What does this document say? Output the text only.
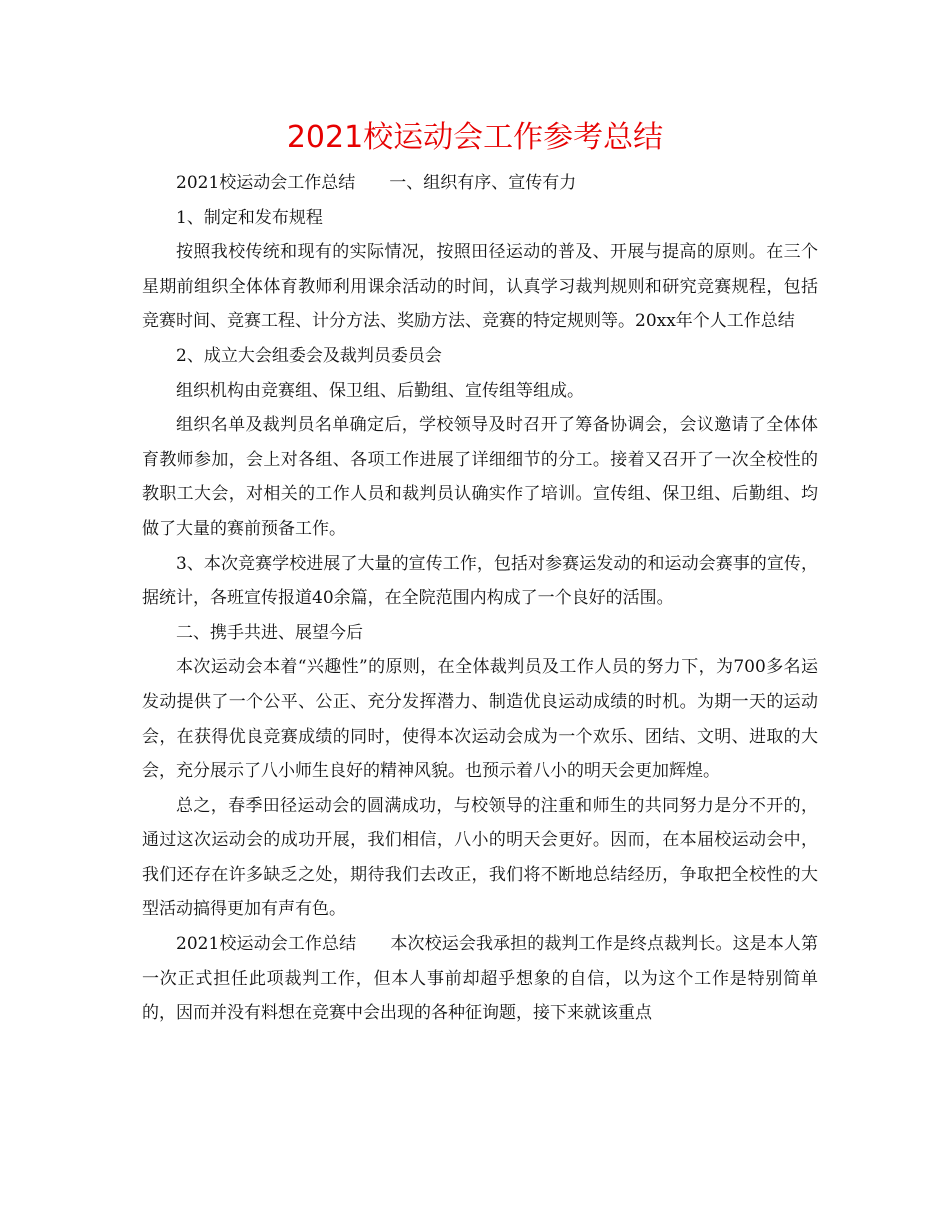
2021校运动会工作参考总结

2021校运动会工作总结　　一、组织有序、宣传有力

1、制定和发布规程

按照我校传统和现有的实际情况，按照田径运动的普及、开展与提高的原则。在三个星期前组织全体体育教师利用课余活动的时间，认真学习裁判规则和研究竞赛规程，包括竞赛时间、竞赛工程、计分方法、奖励方法、竞赛的特定规则等。20xx年个人工作总结

2、成立大会组委会及裁判员委员会

组织机构由竞赛组、保卫组、后勤组、宣传组等组成。

组织名单及裁判员名单确定后，学校领导及时召开了筹备协调会，会议邀请了全体体育教师参加，会上对各组、各项工作进展了详细细节的分工。接着又召开了一次全校性的教职工大会，对相关的工作人员和裁判员认确实作了培训。宣传组、保卫组、后勤组、均做了大量的赛前预备工作。

3、本次竞赛学校进展了大量的宣传工作，包括对参赛运发动的和运动会赛事的宣传，据统计，各班宣传报道40余篇，在全院范围内构成了一个良好的活围。

二、携手共进、展望今后

本次运动会本着“兴趣性”的原则，在全体裁判员及工作人员的努力下，为700多名运发动提供了一个公平、公正、充分发挥潜力、制造优良运动成绩的时机。为期一天的运动会，在获得优良竞赛成绩的同时，使得本次运动会成为一个欢乐、团结、文明、进取的大会，充分展示了八小师生良好的精神风貌。也预示着八小的明天会更加辉煌。

总之，春季田径运动会的圆满成功，与校领导的注重和师生的共同努力是分不开的，通过这次运动会的成功开展，我们相信，八小的明天会更好。因而，在本届校运动会中，我们还存在许多缺乏之处，期待我们去改正，我们将不断地总结经历，争取把全校性的大型活动搞得更加有声有色。

2021校运动会工作总结　　本次校运会我承担的裁判工作是终点裁判长。这是本人第一次正式担任此项裁判工作，但本人事前却超乎想象的自信，以为这个工作是特别简单的，因而并没有料想在竞赛中会出现的各种征询题，接下来就该重点
